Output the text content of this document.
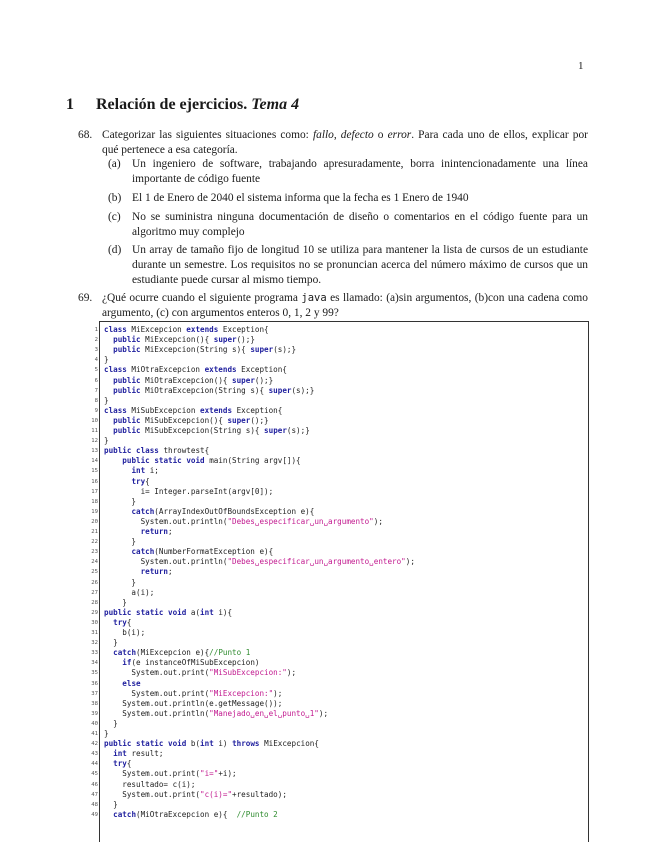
1
1 Relación de ejercicios. Tema 4
68. Categorizar las siguientes situaciones como: fallo, defecto o error. Para cada uno de ellos, explicar por qué pertenece a esa categoría.
(a) Un ingeniero de software, trabajando apresuradamente, borra inintencionadamente una línea importante de código fuente
(b) El 1 de Enero de 2040 el sistema informa que la fecha es 1 Enero de 1940
(c) No se suministra ninguna documentación de diseño o comentarios en el código fuente para un algoritmo muy complejo
(d) Un array de tamaño fijo de longitud 10 se utiliza para mantener la lista de cursos de un estudiante durante un semestre. Los requisitos no se pronuncian acerca del número máximo de cursos que un estudiante puede cursar al mismo tiempo.
69. ¿Qué ocurre cuando el siguiente programa java es llamado: (a)sin argumentos, (b)con una cadena como argumento, (c) con argumentos enteros 0, 1, 2 y 99?
1 class MiExcepcion extends Exception{
2 public MiExcepcion(){ super();}
3 public MiExcepcion(String s){ super(s);}
4 }
5 class MiOtraExcepcion extends Exception{
6 public MiOtraExcepcion(){ super();}
7 public MiOtraExcepcion(String s){ super(s);}
8 }
9 class MiSubExcepcion extends Exception{
10 public MiSubExcepcion(){ super();}
11 public MiSubExcepcion(String s){ super(s);}
12 }
13 public class throwtest{
14	public static void main(String argv[]){
15	int i;
16	try{
17 i= Integer.parseInt(argv[0]);
18 }
19	catch(ArrayIndexOutOfBoundsException e){
20 System.out.println("Debes␣especificar␣un␣argumento");
21	return;
22 }
23	catch(NumberFormatException e){
24 System.out.println("Debes␣especificar␣un␣argumento␣entero");
25	return;
26 }
27 a(i);
28 }
29 public static void a(int i){
30 try{
31 b(i);
32 }
33 catch(MiExcepcion e){//Punto 1
34	if(e instanceOfMiSubExcepcion)
35 System.out.print("MiSubExcepcion:");
36	else
37 System.out.print("MiExcepcion:");
38 System.out.println(e.getMessage());
39 System.out.println("Manejado␣en␣el␣punto␣1");
40 }
41 }
42 public static void b(int i) throws MiExcepcion{
43 int result;
44 try{
45 System.out.print("i="+i);
46 resultado= c(i);
47 System.out.print("c(i)="+resultado);
48 }
49 catch(MiOtraExcepcion e){  //Punto 2
